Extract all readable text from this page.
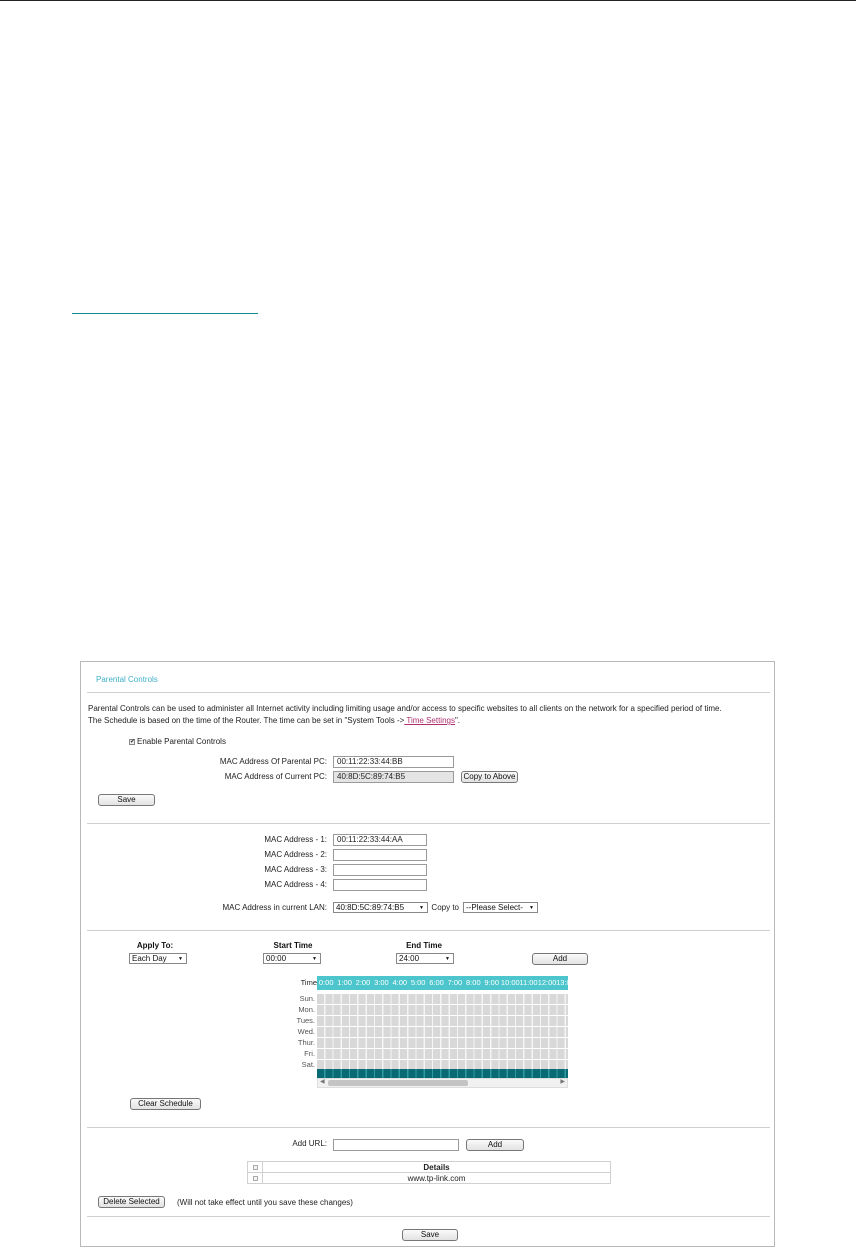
Parental Controls
Parental Controls can be used to administer all Internet activity including limiting usage and/or access to specific websites to all clients on the network for a specified period of time.
The Schedule is based on the time of the Router. The time can be set in "System Tools -> Time Settings".
✔ Enable Parental Controls
MAC Address Of Parental PC:	00:11:22:33:44:BB
MAC Address of Current PC:	40:8D:5C:89:74:B5	Copy to Above
Save
MAC Address - 1:	00:11:22:33:44:AA
MAC Address - 2:
MAC Address - 3:
MAC Address - 4:
MAC Address in current LAN:	40:8D:5C:89:74:B5	▼ Copy to --Please Select- ▼
Apply To:
Each Day ▼
Start Time
00:00	▼
End Time
24:00	▼	Add
Time 0:00 1:00 2:00 3:00 4:00 5:00 6:00 7:00 8:00 9:00 10:0011:0012:0013:00
Sun.
Mon.
Tues.
Wed.
Thur.
Fri.
Sat.
◀	▶
Clear Schedule
Add URL:	Add
	Details
	www.tp-link.com
Delete Selected	(Will not take effect until you save these changes)
Save
